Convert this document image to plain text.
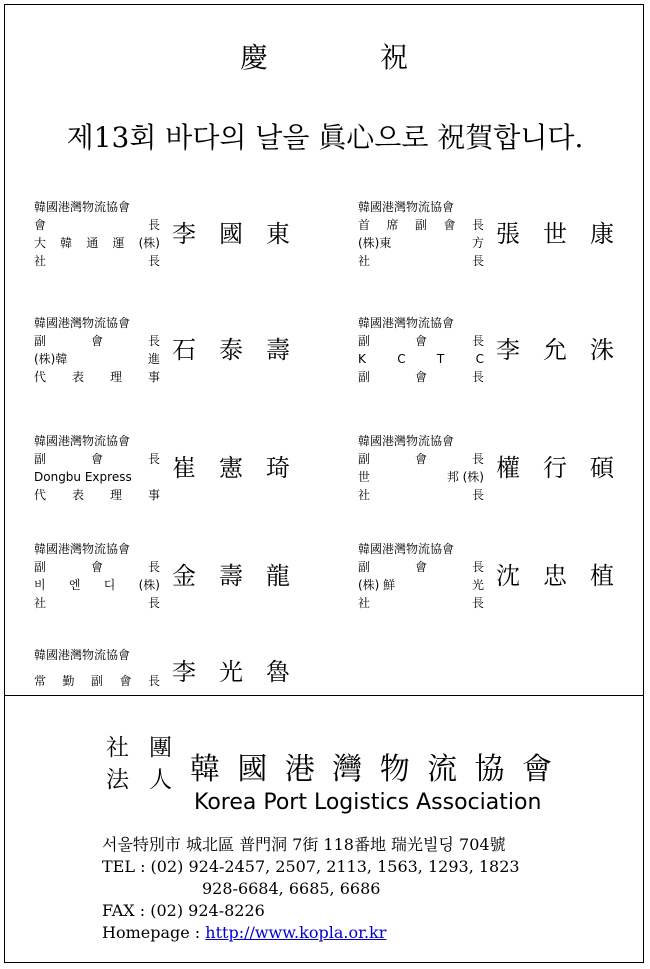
慶	祝
제13회 바다의 날을 眞心으로 祝賀합니다.
韓國港灣物流協會
會	長
大 韓 通 運 (株)
社	長
李 國 東
韓國港灣物流協會
首 席 副 會 長
(株)東	方
社	長
張 世 康
韓國港灣物流協會
副	會	長
(株)韓	進
代 表 理 事
石 泰 壽
韓國港灣物流協會
副	會	長
K	C	T	C
副	會	長
李 允 洙
韓國港灣物流協會
副	會	長
Dongbu Express
代 表 理 事
崔 憲 琦
韓國港灣物流協會
副	會	長
世	邦 (株)
社	長
權 行 碩
韓國港灣物流協會
副	會	長
비 엔 디 (株)
社	長
金 壽 龍
韓國港灣物流協會
副	會	長
(株) 鮮	光
社	長
沈 忠 植
韓國港灣物流協會
常 勤 副 會 長 李 光 魯
社 團
法 人 韓 國 港 灣 物 流 協 會
Korea Port Logistics Association
서울特別市 城北區 普門洞 7街 118番地 瑞光빌딩 704號
TEL : (02) 924-2457, 2507, 2113, 1563, 1293, 1823
928-6684, 6685, 6686
FAX : (02) 924-8226
Homepage : http://www.kopla.or.kr
